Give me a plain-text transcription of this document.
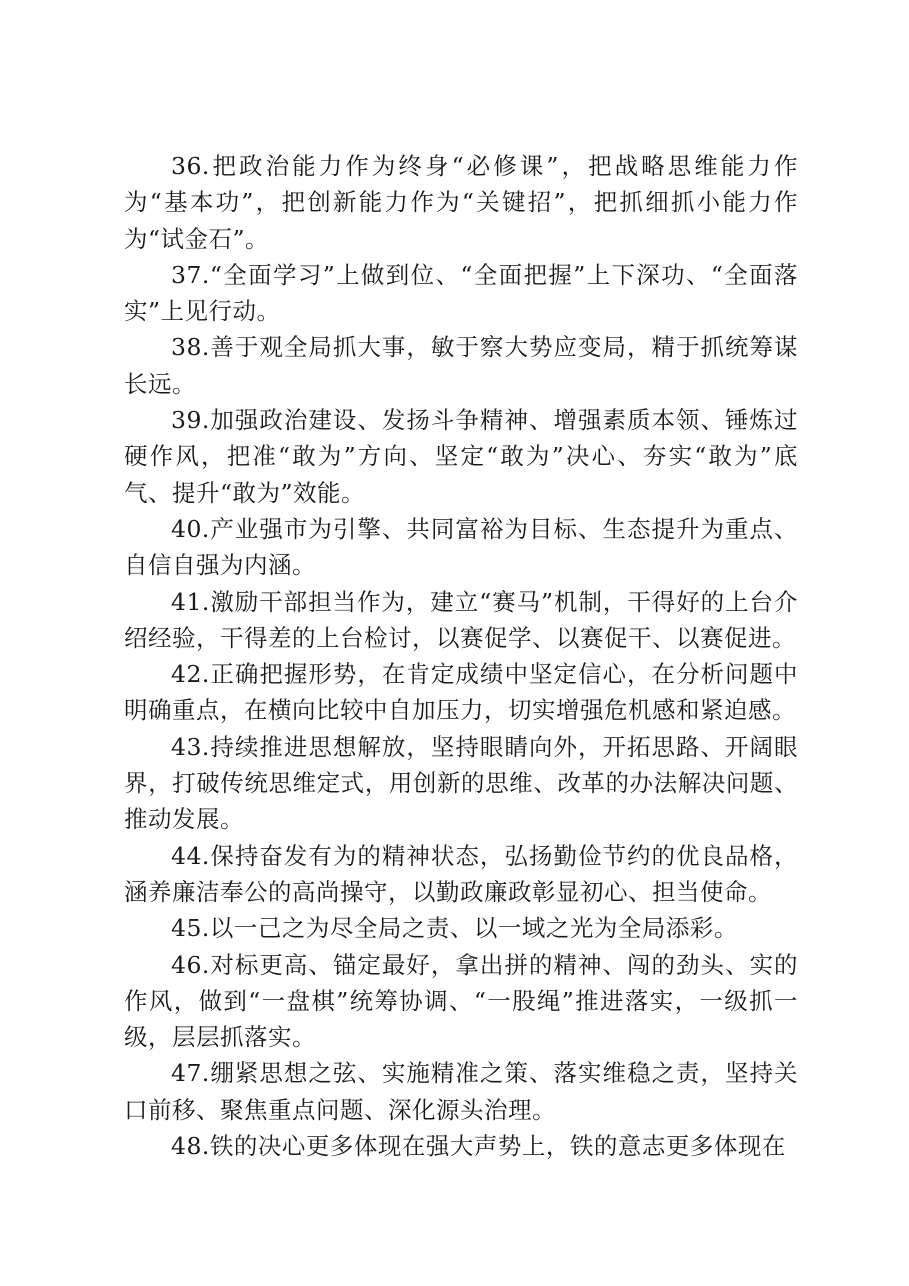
36.把政治能力作为终身“必修课”，把战略思维能力作为“基本功”，把创新能力作为“关键招”，把抓细抓小能力作为“试金石”。

37.“全面学习”上做到位、“全面把握”上下深功、“全面落实”上见行动。

38.善于观全局抓大事，敏于察大势应变局，精于抓统筹谋长远。

39.加强政治建设、发扬斗争精神、增强素质本领、锤炼过硬作风，把准“敢为”方向、坚定“敢为”决心、夯实“敢为”底气、提升“敢为”效能。

40.产业强市为引擎、共同富裕为目标、生态提升为重点、自信自强为内涵。

41.激励干部担当作为，建立“赛马”机制，干得好的上台介绍经验，干得差的上台检讨，以赛促学、以赛促干、以赛促进。

42.正确把握形势，在肯定成绩中坚定信心，在分析问题中明确重点，在横向比较中自加压力，切实增强危机感和紧迫感。

43.持续推进思想解放，坚持眼睛向外，开拓思路、开阔眼界，打破传统思维定式，用创新的思维、改革的办法解决问题、推动发展。

44.保持奋发有为的精神状态，弘扬勤俭节约的优良品格，涵养廉洁奉公的高尚操守，以勤政廉政彰显初心、担当使命。

45.以一己之为尽全局之责、以一域之光为全局添彩。

46.对标更高、锚定最好，拿出拼的精神、闯的劲头、实的作风，做到“一盘棋”统筹协调、“一股绳”推进落实，一级抓一级，层层抓落实。

47.绷紧思想之弦、实施精准之策、落实维稳之责，坚持关口前移、聚焦重点问题、深化源头治理。

48.铁的决心更多体现在强大声势上，铁的意志更多体现在
